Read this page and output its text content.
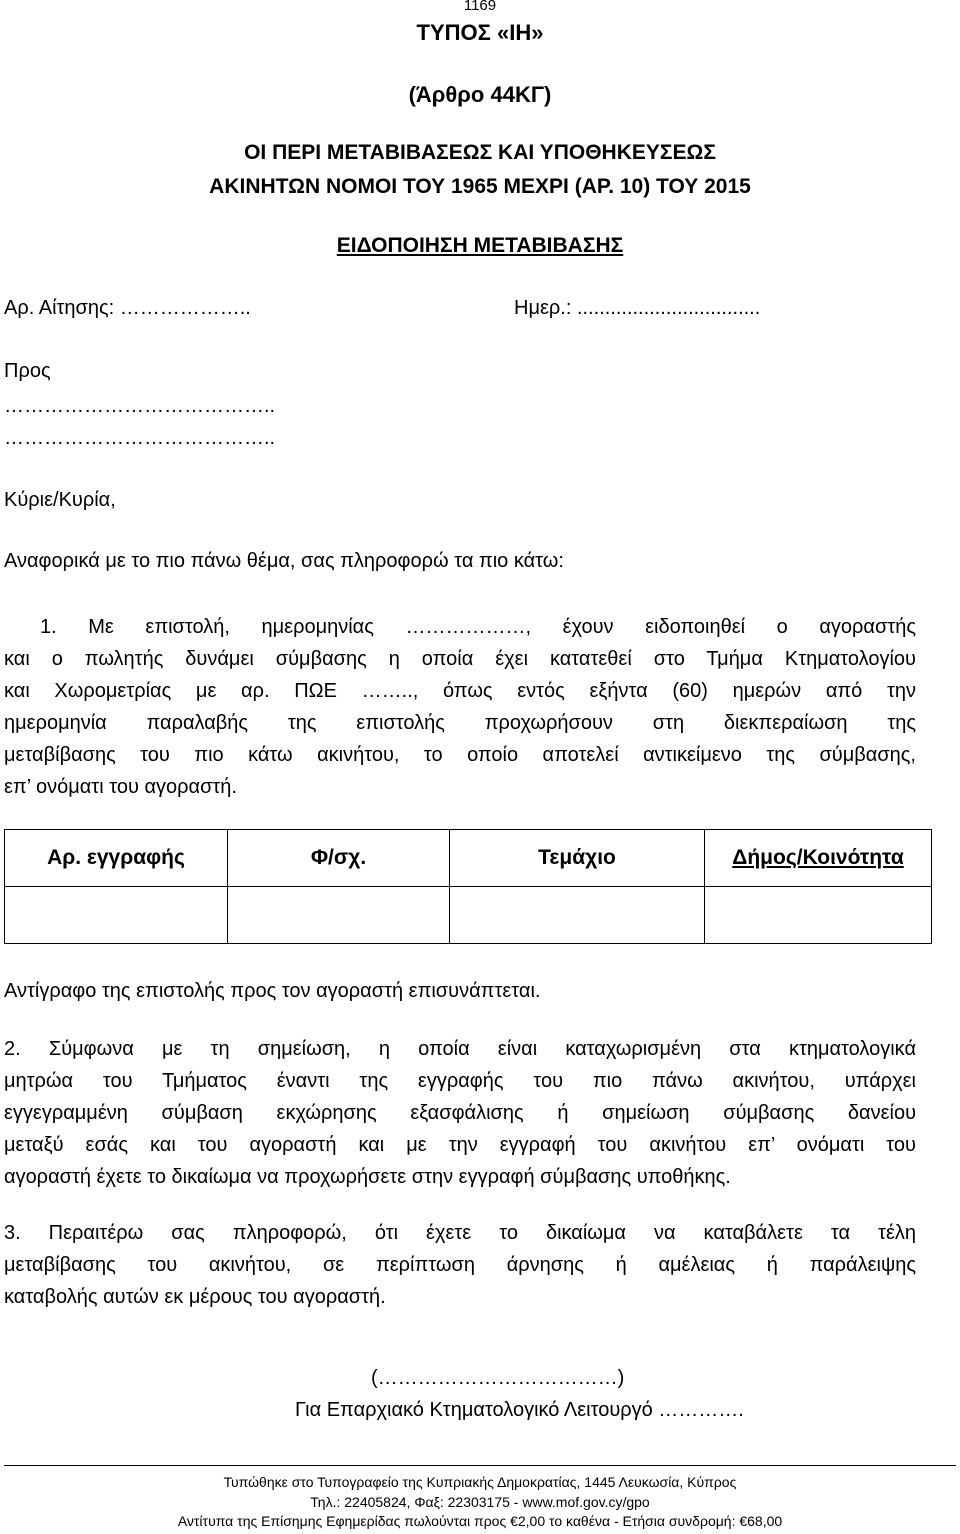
1169
ΤΥΠΟΣ «ΙΗ»
(Άρθρο 44ΚΓ)
ΟΙ ΠΕΡΙ ΜΕΤΑΒΙΒΑΣΕΩΣ ΚΑΙ ΥΠΟΘΗΚΕΥΣΕΩΣ
ΑΚΙΝΗΤΩΝ ΝΟΜΟΙ ΤΟΥ 1965 ΜΕΧΡΙ (ΑΡ. 10) ΤΟΥ 2015
ΕΙΔΟΠΟΙΗΣΗ ΜΕΤΑΒΙΒΑΣΗΣ
Αρ. Αίτησης: ………………..	Ημερ.: .................................
Προς
…………………………………..
…………………………………..
Κύριε/Κυρία,
Αναφορικά με το πιο πάνω θέμα, σας πληροφορώ τα πιο κάτω:
1. Με επιστολή, ημερομηνίας ………………, έχουν ειδοποιηθεί ο αγοραστής
και ο πωλητής δυνάμει σύμβασης η οποία έχει κατατεθεί στο Τμήμα Κτηματολογίου
και Χωρομετρίας με αρ. ΠΩΕ …….., όπως εντός εξήντα (60) ημερών από την
ημερομηνία παραλαβής της επιστολής προχωρήσουν στη διεκπεραίωση της
μεταβίβασης του πιο κάτω ακινήτου, το οποίο αποτελεί αντικείμενο της σύμβασης,
επ’ ονόματι του αγοραστή.
Αρ. εγγραφής	Φ/σχ.	Τεμάχιο	Δήμος/Κοινότητα

Αντίγραφο της επιστολής προς τον αγοραστή επισυνάπτεται.
2. Σύμφωνα με τη σημείωση, η οποία είναι καταχωρισμένη στα κτηματολογικά
μητρώα του Τμήματος έναντι της εγγραφής του πιο πάνω ακινήτου, υπάρχει
εγγεγραμμένη σύμβαση εκχώρησης εξασφάλισης ή σημείωση σύμβασης δανείου
μεταξύ εσάς και του αγοραστή και με την εγγραφή του ακινήτου επ’ ονόματι του
αγοραστή έχετε το δικαίωμα να προχωρήσετε στην εγγραφή σύμβασης υποθήκης.
3. Περαιτέρω σας πληροφορώ, ότι έχετε το δικαίωμα να καταβάλετε τα τέλη
μεταβίβασης του ακινήτου, σε περίπτωση άρνησης ή αμέλειας ή παράλειψης
καταβολής αυτών εκ μέρους του αγοραστή.
(………………………………)
Για Επαρχιακό Κτηματολογικό Λειτουργό ………….
Τυπώθηκε στο Τυπογραφείο της Κυπριακής Δημοκρατίας, 1445 Λευκωσία, Κύπρος
Τηλ.: 22405824, Φαξ: 22303175 - www.mof.gov.cy/gpo
Αντίτυπα της Επίσημης Εφημερίδας πωλούνται προς €2,00 το καθένα - Ετήσια συνδρομή: €68,00
